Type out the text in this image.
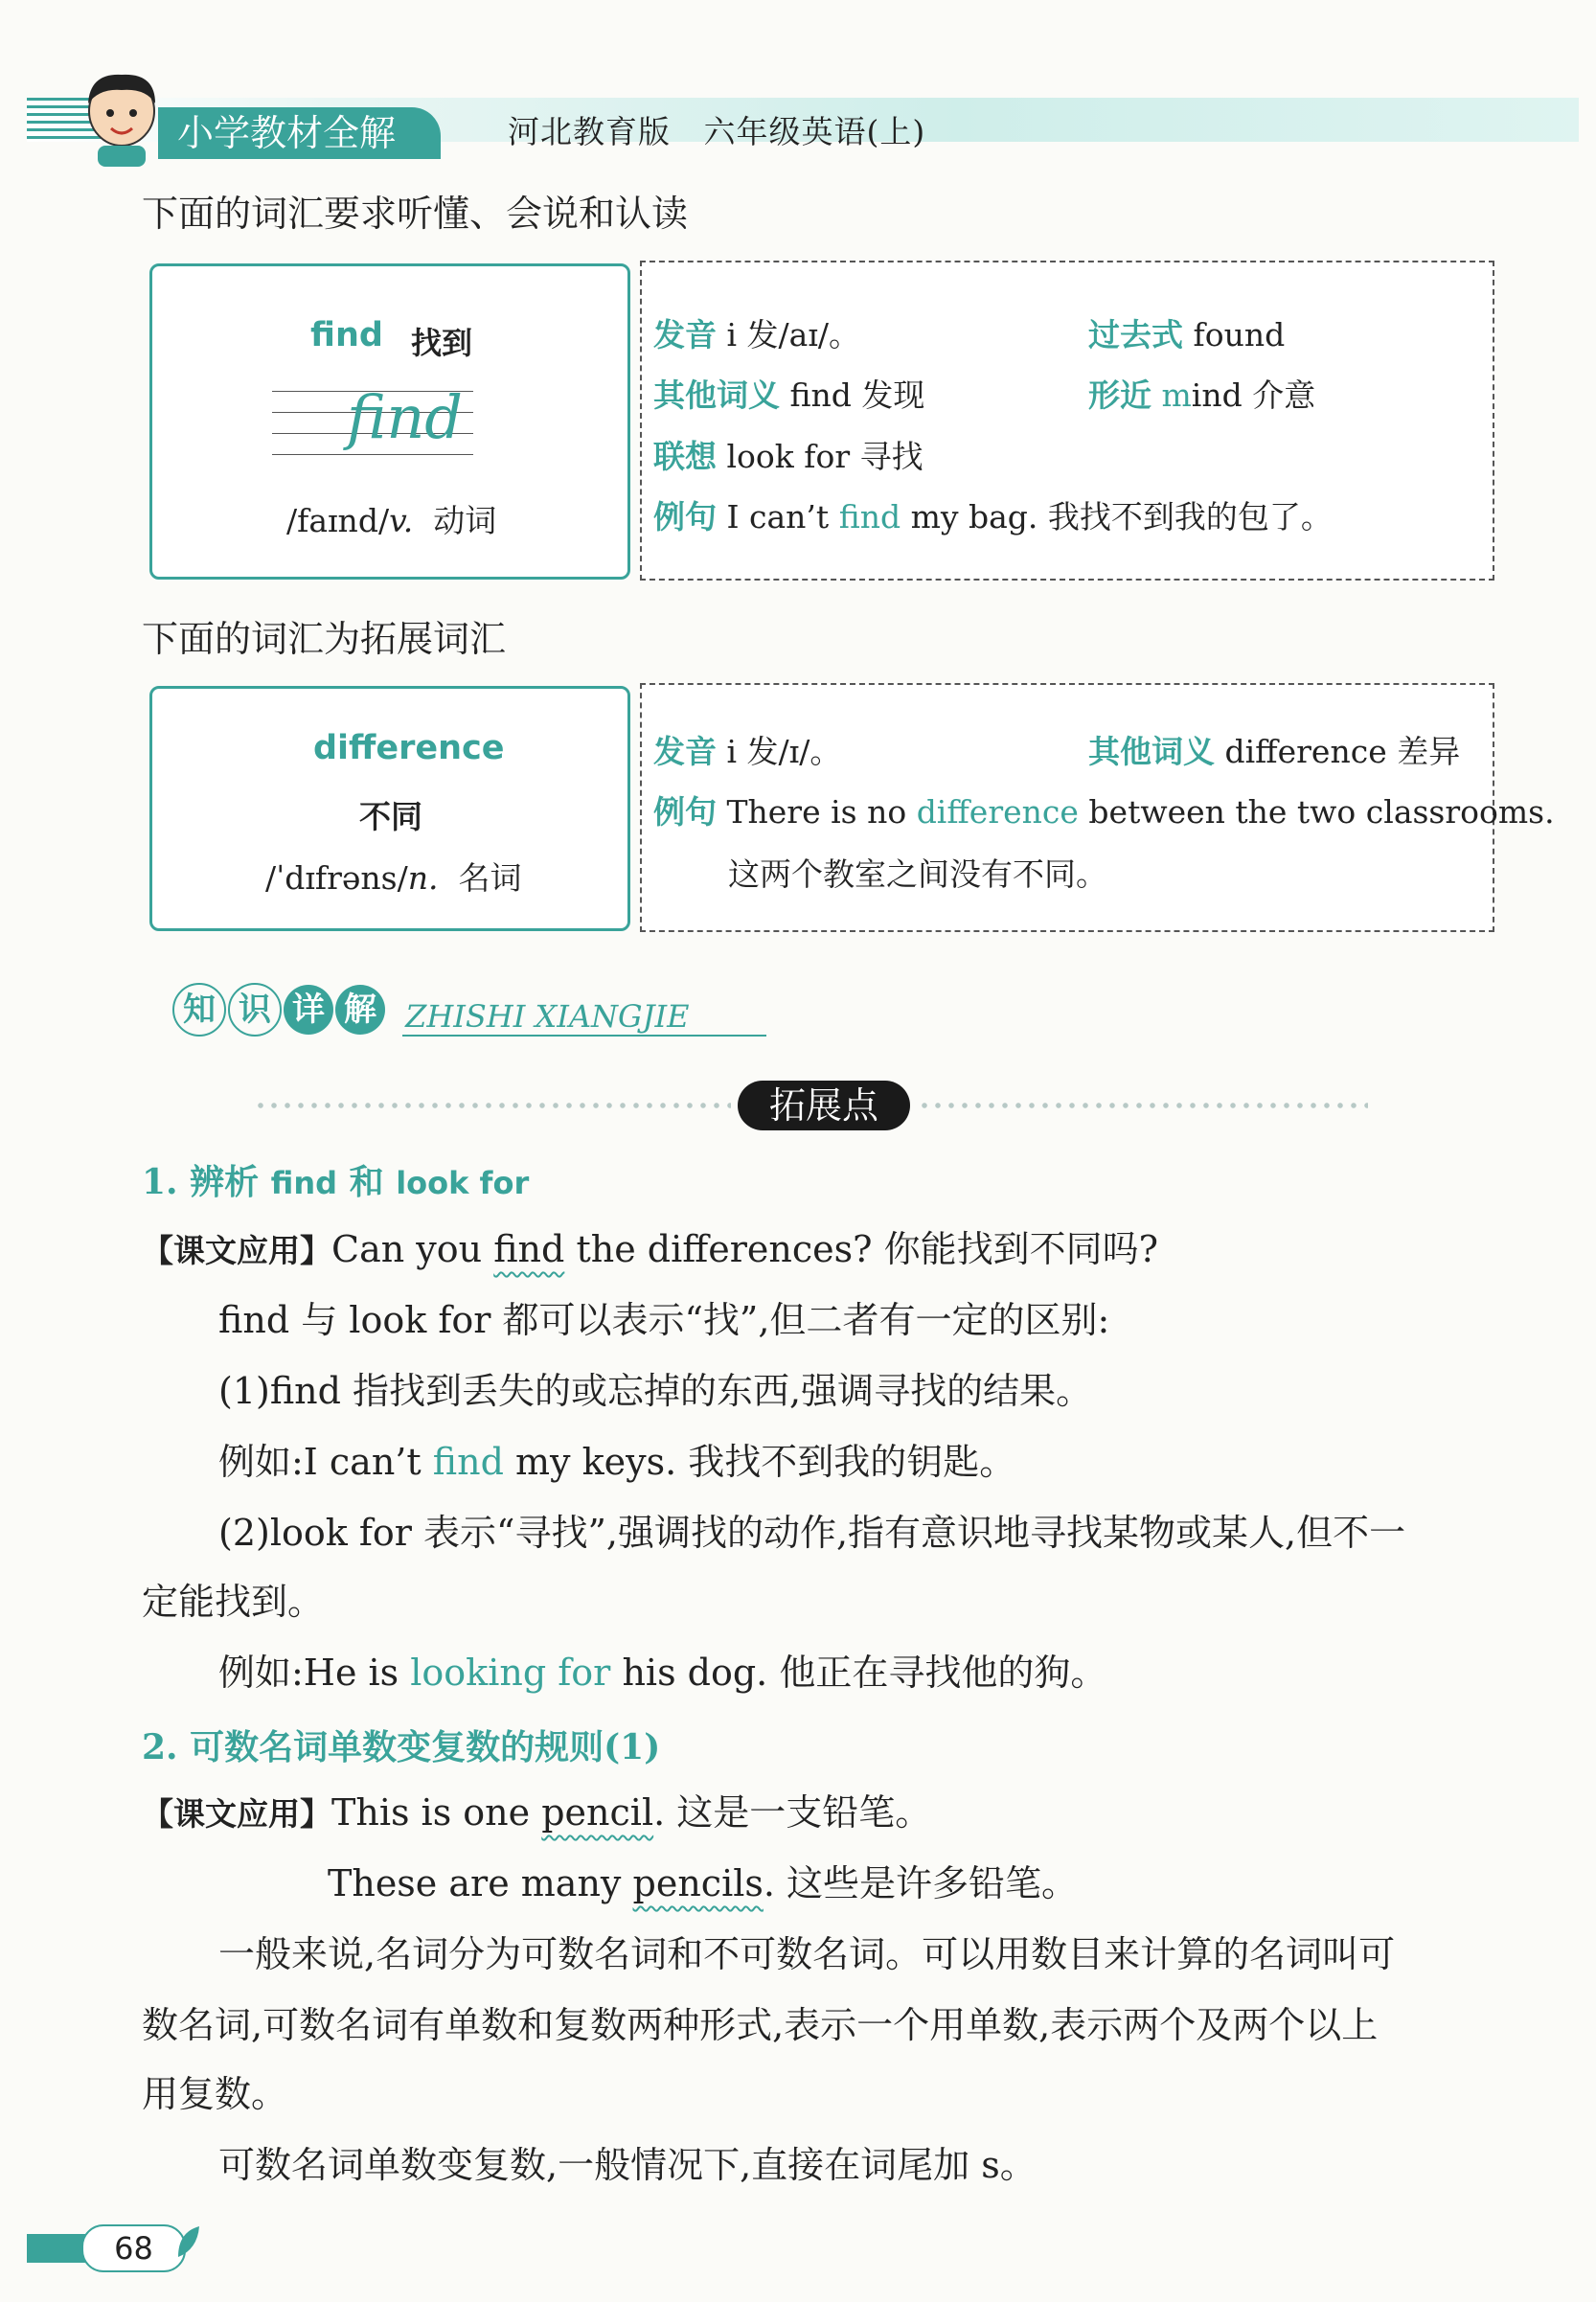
小学教材全解	河北教育版 六年级英语(上)
下面的词汇要求听懂、会说和认读
find 找到
find
/faɪnd/v. 动词
发音 i 发/aɪ/。	过去式 found
其他词义 find 发现	形近 mind 介意
联想 look for 寻找
例句 I can’t find my bag. 我找不到我的包了。
下面的词汇为拓展词汇
difference
不同
/ˈdɪfrəns/n. 名词
发音 i 发/ɪ/。	其他词义 difference 差异
例句 There is no difference between the two classrooms.
这两个教室之间没有不同。
知 识 详 解 ZHISHI XIANGJIE
拓展点
1. 辨析 find 和 look for
【课文应用】Can you find the differences? 你能找到不同吗?
find 与 look for 都可以表示“找”,但二者有一定的区别:
(1)find 指找到丢失的或忘掉的东西,强调寻找的结果。
例如:I can’t find my keys. 我找不到我的钥匙。
(2)look for 表示“寻找”,强调找的动作,指有意识地寻找某物或某人,但不一
定能找到。
例如:He is looking for his dog. 他正在寻找他的狗。
2. 可数名词单数变复数的规则(1)
【课文应用】This is one pencil. 这是一支铅笔。
These are many pencils. 这些是许多铅笔。
一般来说,名词分为可数名词和不可数名词。可以用数目来计算的名词叫可
数名词,可数名词有单数和复数两种形式,表示一个用单数,表示两个及两个以上
用复数。
可数名词单数变复数,一般情况下,直接在词尾加 s。
68
